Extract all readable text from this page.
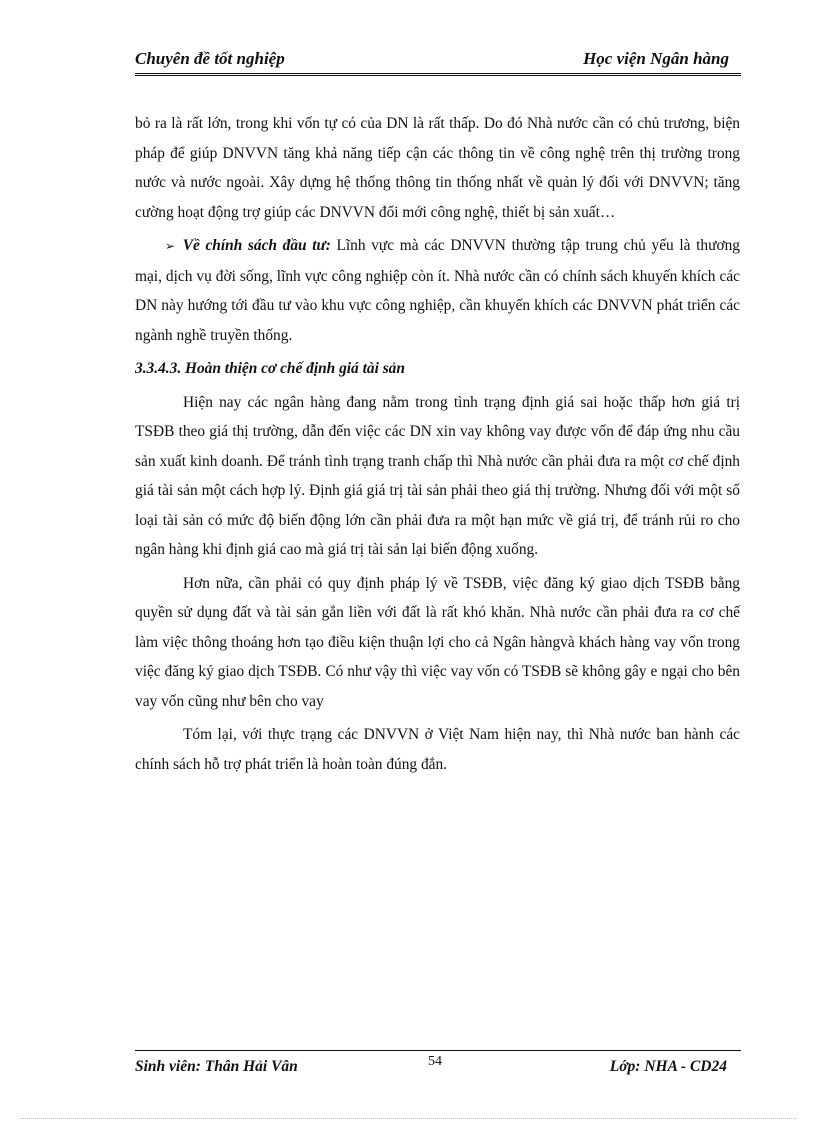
Chuyên đề tốt nghiệp	Học viện Ngân hàng

bỏ ra là rất lớn, trong khi vốn tự có của DN là rất thấp. Do đó Nhà nước cần có chủ trương, biện pháp để giúp DNVVN tăng khả năng tiếp cận các thông tin về công nghệ trên thị trường trong nước và nước ngoài. Xây dựng hệ thống thông tin thống nhất về quản lý đối với DNVVN; tăng cường hoạt động trợ giúp các DNVVN đổi mới công nghệ, thiết bị sản xuất…

➢ Về chính sách đầu tư: Lĩnh vực mà các DNVVN thường tập trung chủ yếu là thương mại, dịch vụ đời sống, lĩnh vực công nghiệp còn ít. Nhà nước cần có chính sách khuyến khích các DN này hướng tới đầu tư vào khu vực công nghiệp, cần khuyến khích các DNVVN phát triển các ngành nghề truyền thống.

3.3.4.3. Hoàn thiện cơ chế định giá tài sản

Hiện nay các ngân hàng đang nằm trong tình trạng định giá sai hoặc thấp hơn giá trị TSĐB theo giá thị trường, dẫn đến việc các DN xin vay không vay được vốn để đáp ứng nhu cầu sản xuất kinh doanh. Để tránh tình trạng tranh chấp thì Nhà nước cần phải đưa ra một cơ chế định giá tài sản một cách hợp lý. Định giá giá trị tài sản phải theo giá thị trường. Nhưng đối với một số loại tài sản có mức độ biến động lớn cần phải đưa ra một hạn mức về giá trị, để tránh rủi ro cho ngân hàng khi định giá cao mà giá trị tài sản lại biến động xuống.

Hơn nữa, cần phải có quy định pháp lý về TSĐB, việc đăng ký giao dịch TSĐB bằng quyền sử dụng đất và tài sản gắn liền với đất là rất khó khăn. Nhà nước cần phải đưa ra cơ chế làm việc thông thoáng hơn tạo điều kiện thuận lợi cho cả Ngân hàngvà khách hàng vay vốn trong việc đăng ký giao dịch TSĐB. Có như vậy thì việc vay vốn có TSĐB sẽ không gây e ngại cho bên vay vốn cũng như bên cho vay

Tóm lại, với thực trạng các DNVVN ở Việt Nam hiện nay, thì Nhà nước ban hành các chính sách hỗ trợ phát triển là hoàn toàn đúng đắn.

Sinh viên: Thân Hải Vân	54	Lớp: NHA - CD24
